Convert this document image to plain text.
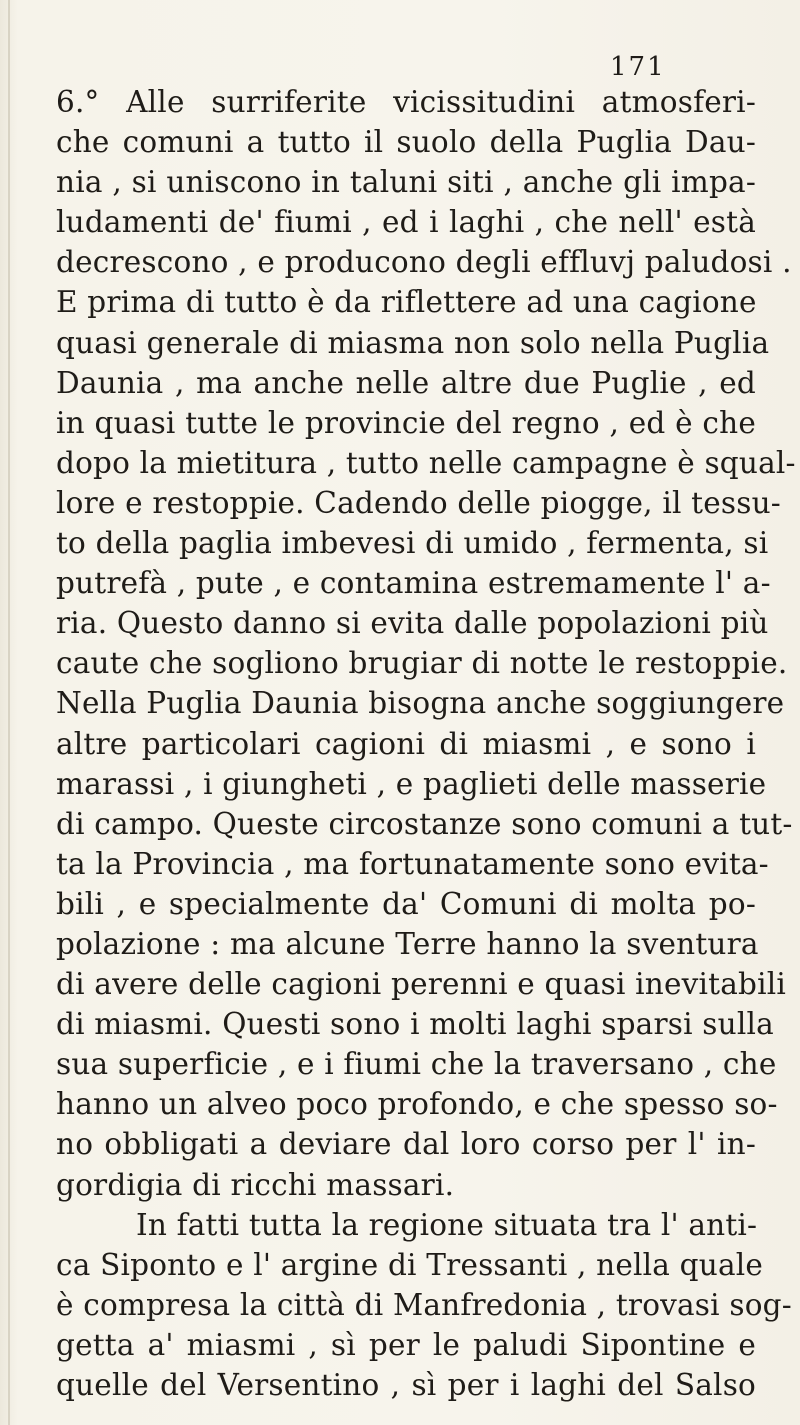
171
6.° Alle surriferite vicissitudini atmosferi-
che comuni a tutto il suolo della Puglia Dau-
nia , si uniscono in taluni siti , anche gli impa-
ludamenti de' fiumi , ed i laghi , che nell' està
decrescono , e producono degli effluvj paludosi .
E prima di tutto è da riflettere ad una cagione
quasi generale di miasma non solo nella Puglia
Daunia , ma anche nelle altre due Puglie , ed
in quasi tutte le provincie del regno , ed è che
dopo la mietitura , tutto nelle campagne è squal-
lore e restoppie. Cadendo delle piogge, il tessu-
to della paglia imbevesi di umido , fermenta, si
putrefà , pute , e contamina estremamente l' a-
ria. Questo danno si evita dalle popolazioni più
caute che sogliono brugiar di notte le restoppie.
Nella Puglia Daunia bisogna anche soggiungere
altre particolari cagioni di miasmi , e sono i
marassi , i giungheti , e paglieti delle masserie
di campo. Queste circostanze sono comuni a tut-
ta la Provincia , ma fortunatamente sono evita-
bili , e specialmente da' Comuni di molta po-
polazione : ma alcune Terre hanno la sventura
di avere delle cagioni perenni e quasi inevitabili
di miasmi. Questi sono i molti laghi sparsi sulla
sua superficie , e i fiumi che la traversano , che
hanno un alveo poco profondo, e che spesso so-
no obbligati a deviare dal loro corso per l' in-
gordigia di ricchi massari.
In fatti tutta la regione situata tra l' anti-
ca Siponto e l' argine di Tressanti , nella quale
è compresa la città di Manfredonia , trovasi sog-
getta a' miasmi , sì per le paludi Sipontine e
quelle del Versentino , sì per i laghi del Salso
